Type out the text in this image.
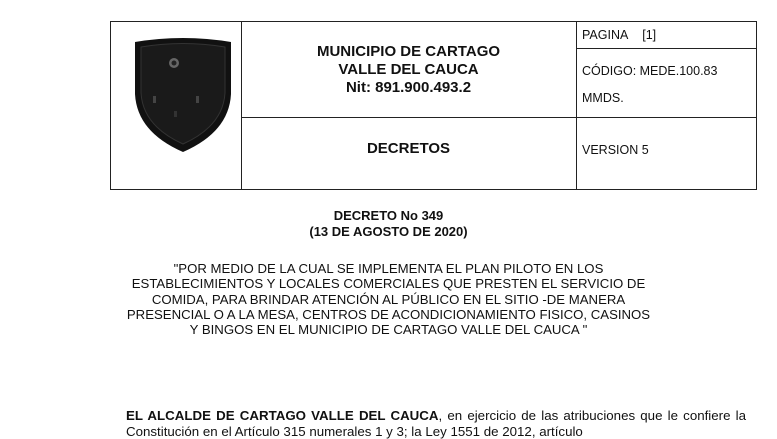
MUNICIPIO DE CARTAGO
VALLE DEL CAUCA
Nit: 891.900.493.2
DECRETOS
PAGINA [1]
CÓDIGO: MEDE.100.83
MMDS.
VERSION 5
DECRETO No 349
(13 DE AGOSTO DE 2020)
"POR MEDIO DE LA CUAL SE IMPLEMENTA EL PLAN PILOTO EN LOS
ESTABLECIMIENTOS Y LOCALES COMERCIALES QUE PRESTEN EL SERVICIO DE
COMIDA, PARA BRINDAR ATENCIÓN AL PÚBLICO EN EL SITIO -DE MANERA
PRESENCIAL O A LA MESA, CENTROS DE ACONDICIONAMIENTO FISICO, CASINOS
Y BINGOS EN EL MUNICIPIO DE CARTAGO VALLE DEL CAUCA "
EL ALCALDE DE CARTAGO VALLE DEL CAUCA, en ejercicio de las atribuciones que le confiere la Constitución en el Artículo 315 numerales 1 y 3; la Ley 1551 de 2012, artículo
